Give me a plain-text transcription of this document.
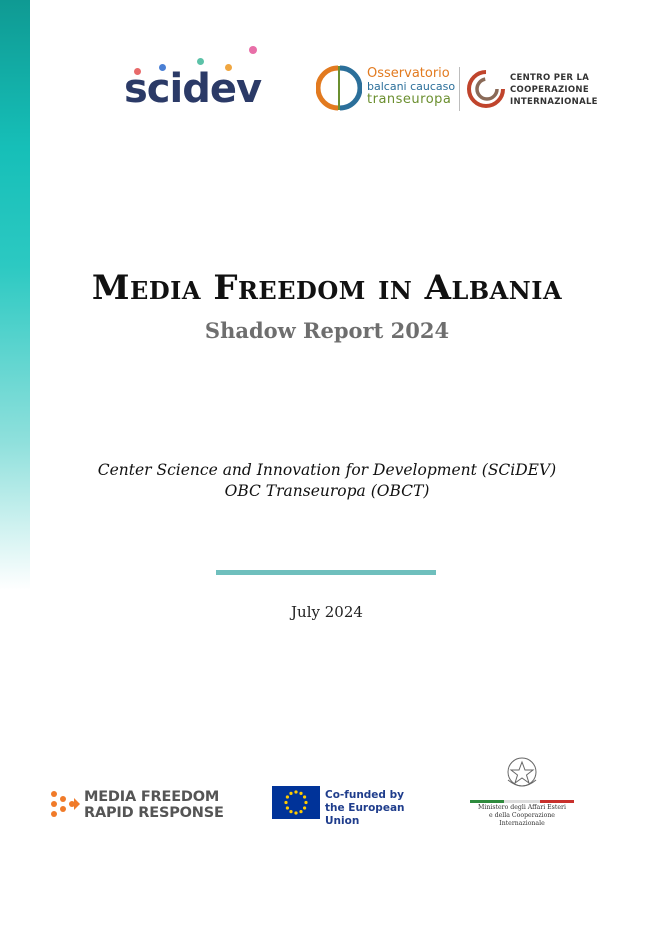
scidev	Osservatorio
balcani caucaso
transeuropa
CENTRO PER LA
COOPERAZIONE
INTERNAZIONALE
Media Freedom in Albania
Shadow Report 2024
Center Science and Innovation for Development (SCiDEV)
OBC Transeuropa (OBCT)
July 2024
MEDIA FREEDOM
RAPID RESPONSE
Co-funded by
the European Union
Ministero degli Affari Esteri
e della Cooperazione Internazionale
